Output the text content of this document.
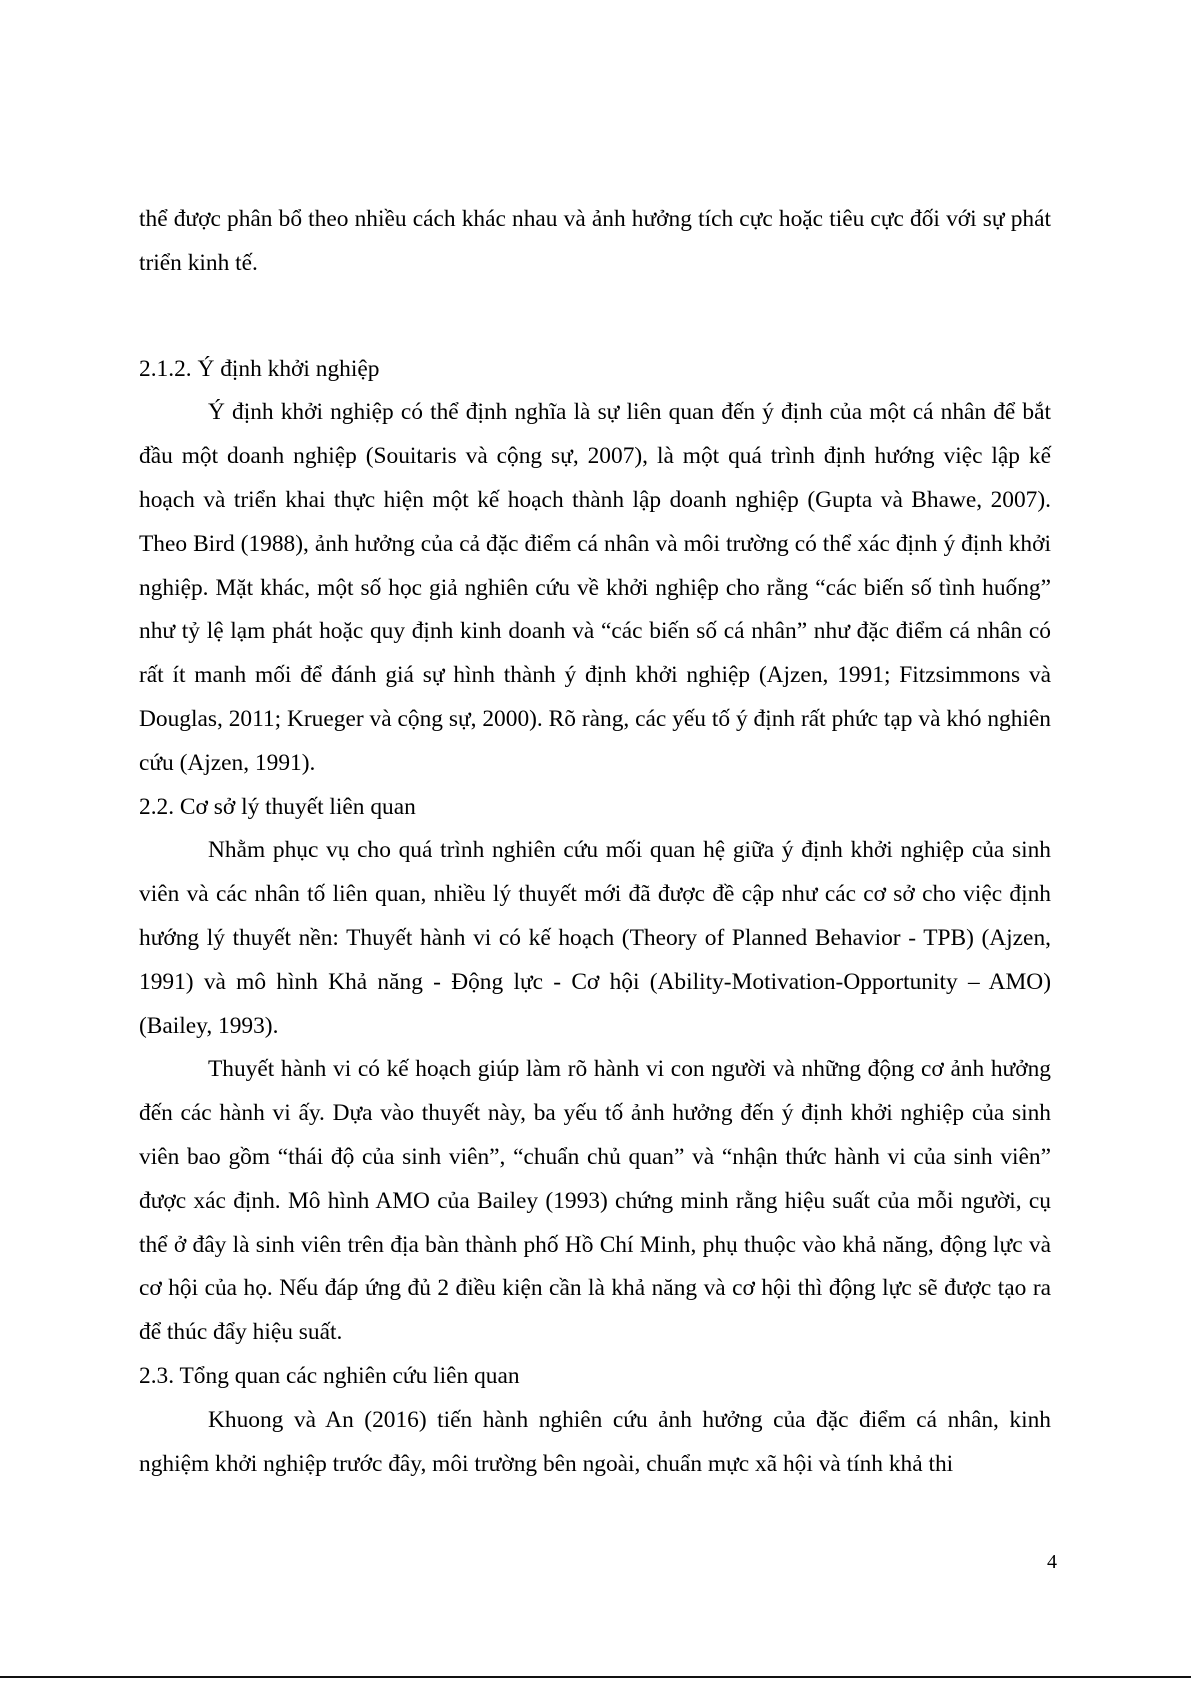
thể được phân bổ theo nhiều cách khác nhau và ảnh hưởng tích cực hoặc tiêu cực đối với sự phát triển kinh tế.

2.1.2. Ý định khởi nghiệp

Ý định khởi nghiệp có thể định nghĩa là sự liên quan đến ý định của một cá nhân để bắt đầu một doanh nghiệp (Souitaris và cộng sự, 2007), là một quá trình định hướng việc lập kế hoạch và triển khai thực hiện một kế hoạch thành lập doanh nghiệp (Gupta và Bhawe, 2007). Theo Bird (1988), ảnh hưởng của cả đặc điểm cá nhân và môi trường có thể xác định ý định khởi nghiệp. Mặt khác, một số học giả nghiên cứu về khởi nghiệp cho rằng “các biến số tình huống” như tỷ lệ lạm phát hoặc quy định kinh doanh và “các biến số cá nhân” như đặc điểm cá nhân có rất ít manh mối để đánh giá sự hình thành ý định khởi nghiệp (Ajzen, 1991; Fitzsimmons và Douglas, 2011; Krueger và cộng sự, 2000). Rõ ràng, các yếu tố ý định rất phức tạp và khó nghiên cứu (Ajzen, 1991).

2.2. Cơ sở lý thuyết liên quan

Nhằm phục vụ cho quá trình nghiên cứu mối quan hệ giữa ý định khởi nghiệp của sinh viên và các nhân tố liên quan, nhiều lý thuyết mới đã được đề cập như các cơ sở cho việc định hướng lý thuyết nền: Thuyết hành vi có kế hoạch (Theory of Planned Behavior - TPB) (Ajzen, 1991) và mô hình Khả năng - Động lực - Cơ hội (Ability-Motivation-Opportunity – AMO) (Bailey, 1993).

Thuyết hành vi có kế hoạch giúp làm rõ hành vi con người và những động cơ ảnh hưởng đến các hành vi ấy. Dựa vào thuyết này, ba yếu tố ảnh hưởng đến ý định khởi nghiệp của sinh viên bao gồm “thái độ của sinh viên”, “chuẩn chủ quan” và “nhận thức hành vi của sinh viên” được xác định. Mô hình AMO của Bailey (1993) chứng minh rằng hiệu suất của mỗi người, cụ thể ở đây là sinh viên trên địa bàn thành phố Hồ Chí Minh, phụ thuộc vào khả năng, động lực và cơ hội của họ. Nếu đáp ứng đủ 2 điều kiện cần là khả năng và cơ hội thì động lực sẽ được tạo ra để thúc đẩy hiệu suất.

2.3. Tổng quan các nghiên cứu liên quan

Khuong và An (2016) tiến hành nghiên cứu ảnh hưởng của đặc điểm cá nhân, kinh nghiệm khởi nghiệp trước đây, môi trường bên ngoài, chuẩn mực xã hội và tính khả thi

4
